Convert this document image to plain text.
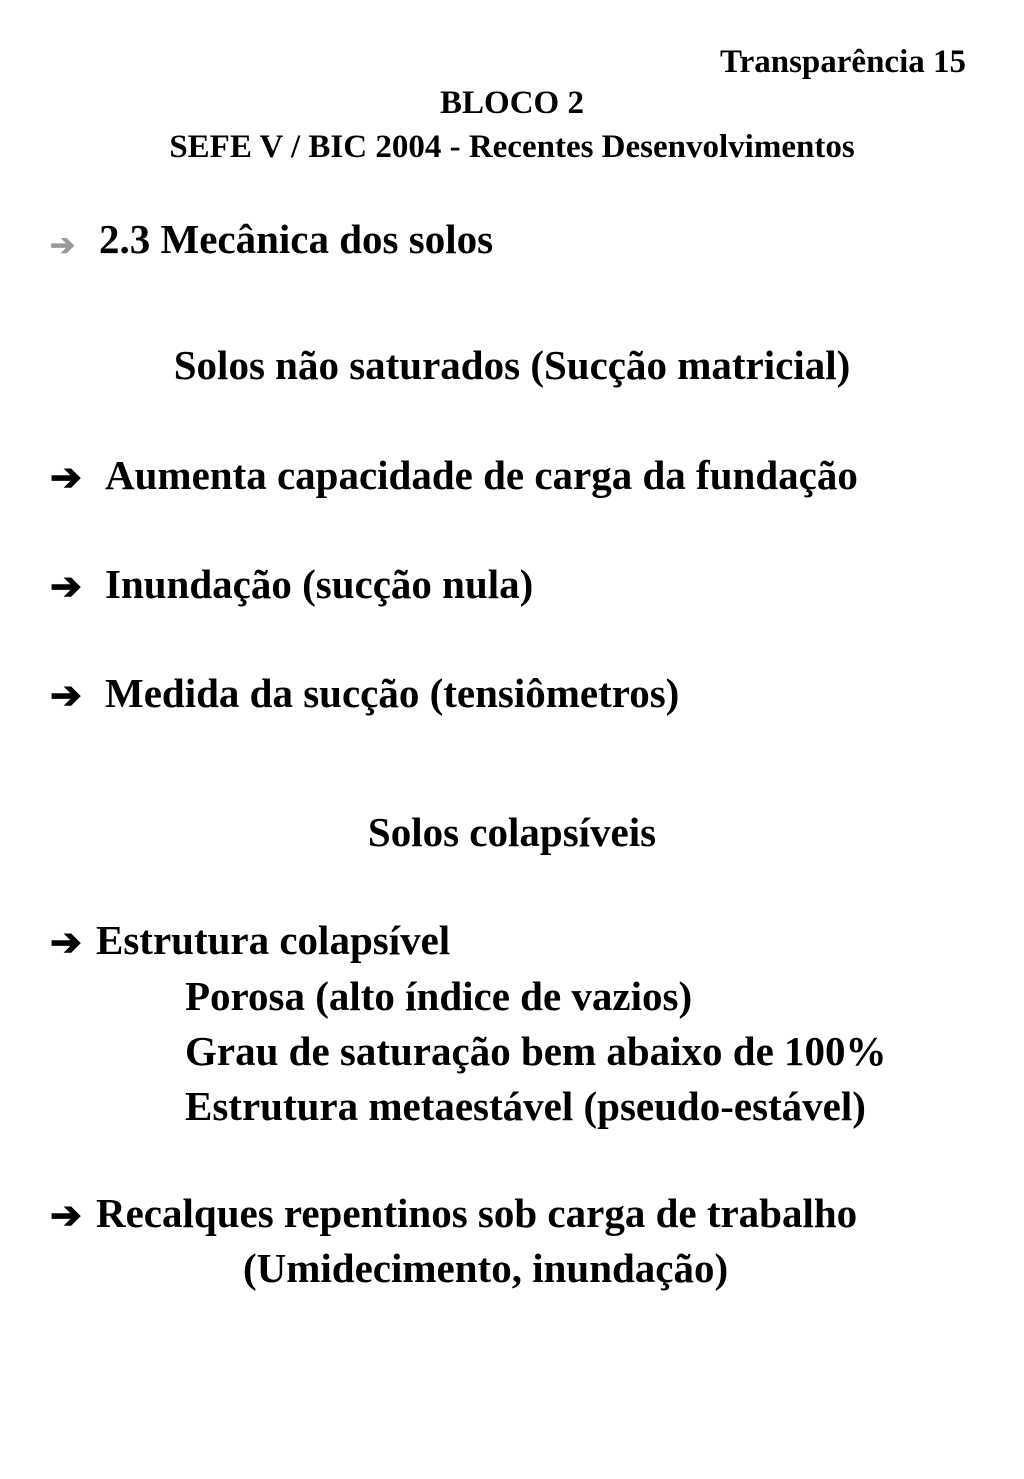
Transparência 15
BLOCO 2
SEFE V / BIC 2004 - Recentes Desenvolvimentos
➔ 2.3 Mecânica dos solos
Solos não saturados (Sucção matricial)
➔ Aumenta capacidade de carga da fundação
➔ Inundação (sucção nula)
➔ Medida da sucção (tensiômetros)
Solos colapsíveis
➔ Estrutura colapsível
Porosa (alto índice de vazios)
Grau de saturação bem abaixo de 100%
Estrutura metaestável (pseudo-estável)
➔ Recalques repentinos sob carga de trabalho
(Umidecimento, inundação)
